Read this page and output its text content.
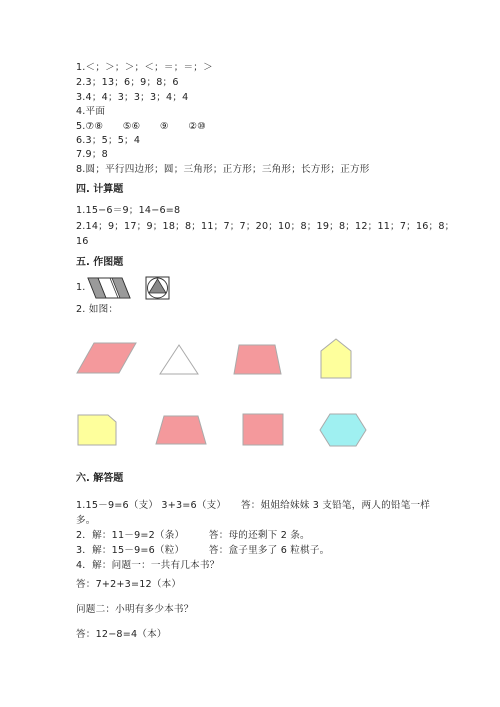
1.＜；＞；＞；＜；＝；＝；＞
2.3；13；6；9；8；6
3.4；4；3；3；3；4；4
4.平面
5.⑦⑧　　⑤⑥　　⑨　　②⑩
6.3；5；5；4
7.9；8
8.圆；平行四边形；圆；三角形；正方形；三角形；长方形；正方形
四. 计算题
1.15−6＝9；14−6=8
2.14；9；17；9；18；8；11；7；7；20；10；8；19；8；12；11；7；16；8；
16
五. 作图题
1.
2. 如图：
六. 解答题
1.15－9=6（支） 3+3=6（支）　　答：姐姐给妹妹 3 支铅笔，两人的铅笔一样
多。
2．解：11－9=2（条）　　　答：母的还剩下 2 条。
3．解：15－9=6（粒）　　　答：盒子里多了 6 粒棋子。
4．解：问题一：一共有几本书？
答：7+2+3=12（本）
问题二：小明有多少本书？
答：12−8=4（本）
